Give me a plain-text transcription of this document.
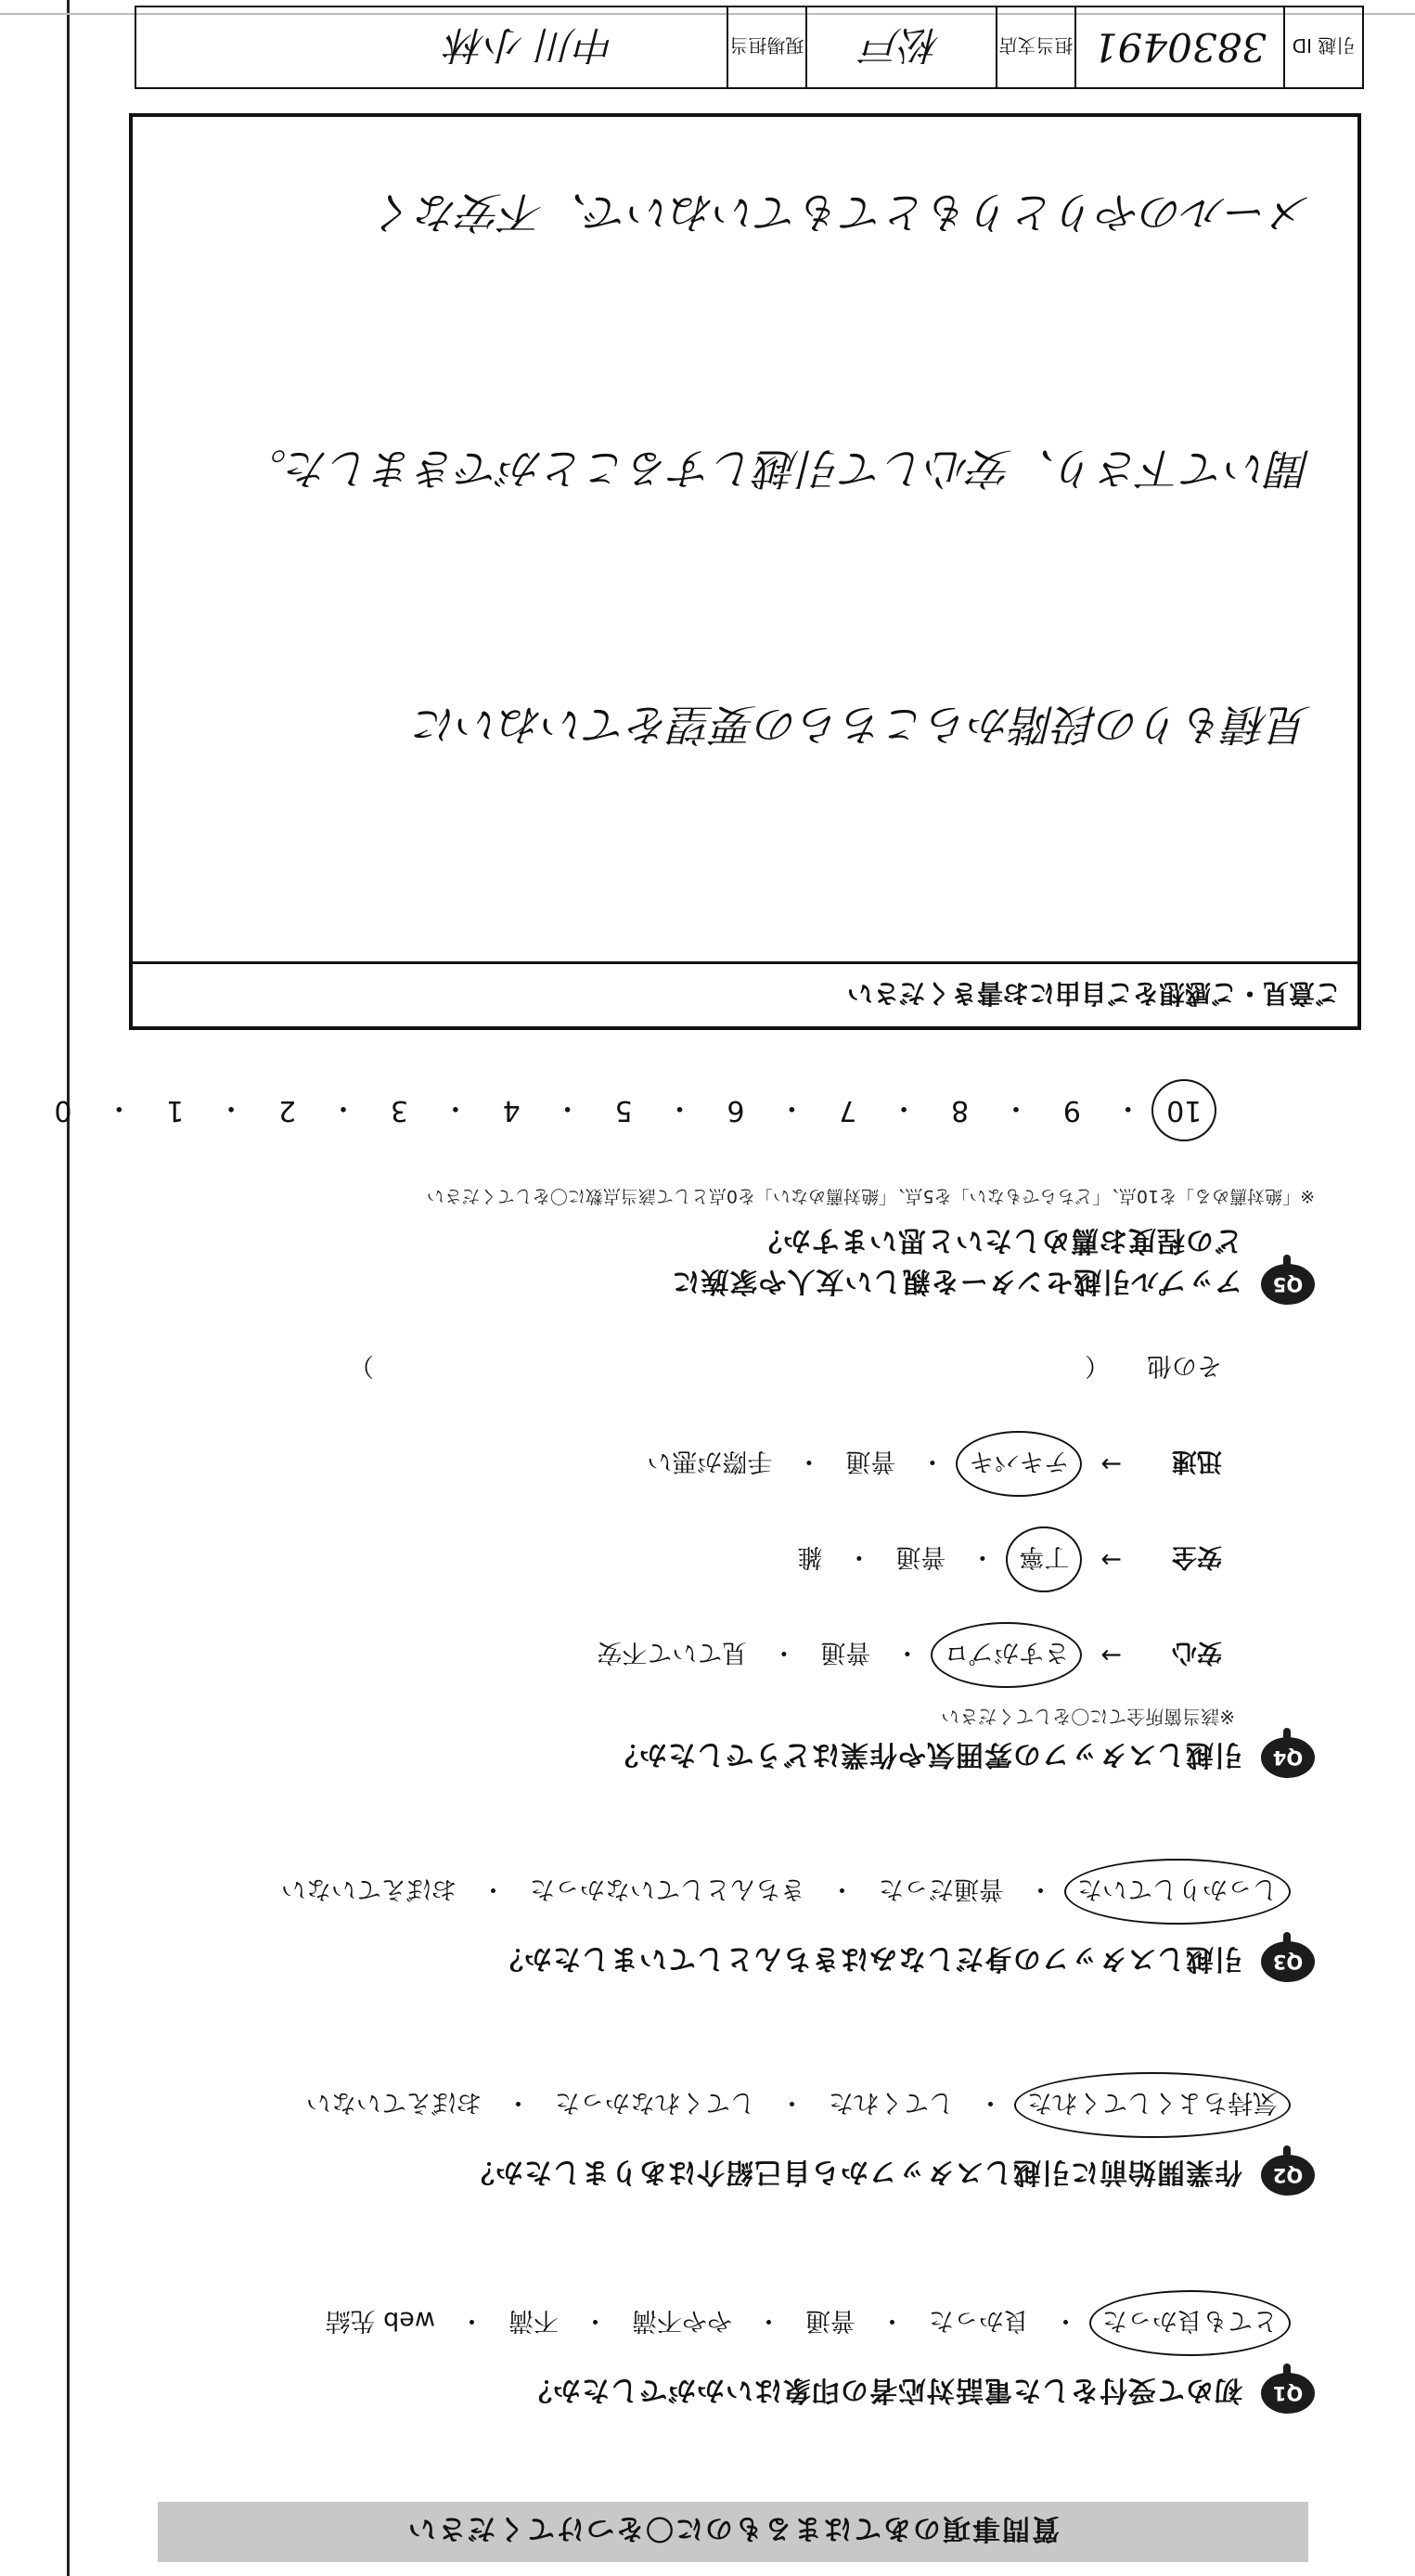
質問事項のあてはまるものに〇をつけてください
Q1
初めて受付をした電話対応者の印象はいかがでしたか？
とても良かった
・
良かった
・
普通
・
やや不満
・
不満
・
web 先結
Q2
作業開始前に引越しスタッフから自己紹介はありましたか？
気持ちよくしてくれた
・
してくれた
・
してくれなかった
・
おぼえていない
Q3
引越しスタッフの身だしなみはきちんとしていましたか？
しっかりしていた
・
普通だった
・
きちんとしていなかった
・
おぼえていない
Q4
引越しスタッフの雰囲気や作業はどうでしたか？
※該当箇所全てに〇をしてください
安心
→
さすがプロ
・
普通
・
見ていて不安
安全
→
丁寧
・
普通
・
雑
迅速
→
テキパキ
・
普通
・
手際が悪い
その他
（
）
Q5
アップル引越センターを親しい友人や家族に
どの程度お薦めしたいと思いますか？
※「絶対薦める」を10点、「どちらでもない」を5点、「絶対薦めない」を0点として該当点数に〇をしてください
10
・
9
・
8
・
7
・
6
・
5
・
4
・
3
・
2
・
1
・
0
ご意見・ご感想をご自由にお書きください

見積もりの段階からこちらの要望をていねいに

聞いて下さり、安心して引越しすることができました。

メールのやりとりもとてもていねいで、不安なく

引越 ID
3830491
担当支店
松戸
現場担当
中川 小林
